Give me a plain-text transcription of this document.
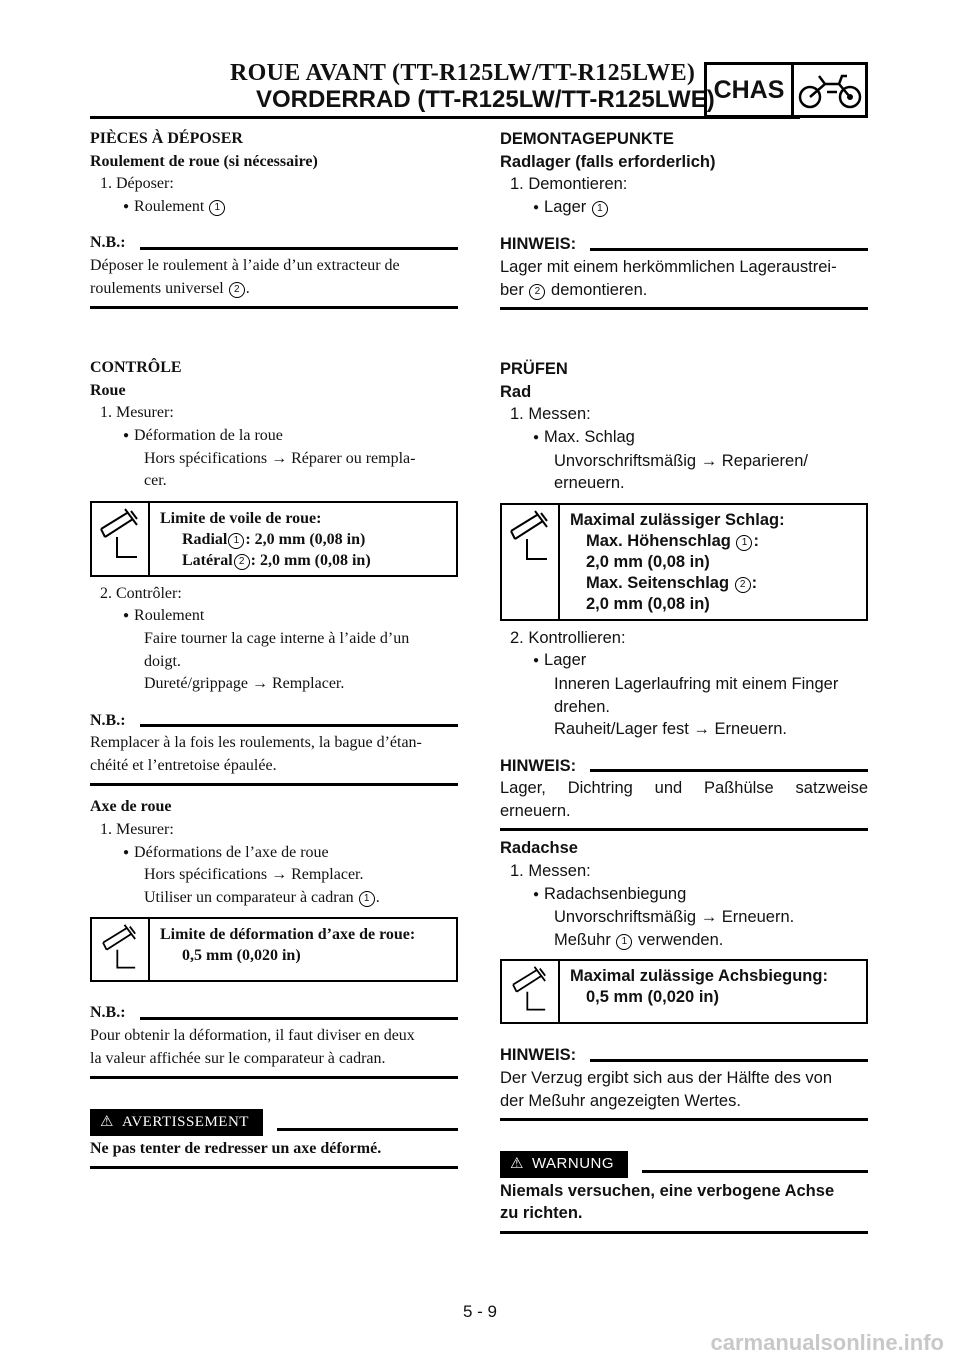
ROUE AVANT (TT-R125LW/TT-R125LWE)
VORDERRAD (TT-R125LW/TT-R125LWE)
CHAS
PIÈCES À DÉPOSER
Roulement de roue (si nécessaire)
1. Déposer:
● Roulement 1
N.B.:
Déposer le roulement à l’aide d’un extracteur de
roulements universel 2 .
CONTRÔLE
Roue
1. Mesurer:
● Déformation de la roue
Hors spécifications → Réparer ou rempla-
cer.
Limite de voile de roue:
Radial 1 : 2,0 mm (0,08 in)
Latéral 2 : 2,0 mm (0,08 in)
2. Contrôler:
● Roulement
Faire tourner la cage interne à l’aide d’un
doigt.
Dureté/grippage → Remplacer.
N.B.:
Remplacer à la fois les roulements, la bague d’étan-
chéité et l’entretoise épaulée.
Axe de roue
1. Mesurer:
● Déformations de l’axe de roue
Hors spécifications → Remplacer.
Utiliser un comparateur à cadran 1 .
Limite de déformation d’axe de roue:
0,5 mm (0,020 in)
N.B.:
Pour obtenir la déformation, il faut diviser en deux
la valeur affichée sur le comparateur à cadran.
⚠ AVERTISSEMENT
Ne pas tenter de redresser un axe déformé.
DEMONTAGEPUNKTE
Radlager (falls erforderlich)
1. Demontieren:
● Lager 1
HINWEIS:
Lager mit einem herkömmlichen Lageraustrei-
ber 2 demontieren.
PRÜFEN
Rad
1. Messen:
● Max. Schlag
Unvorschriftsmäßig → Reparieren/
erneuern.
Maximal zulässiger Schlag:
Max. Höhenschlag 1 :
2,0 mm (0,08 in)
Max. Seitenschlag 2 :
2,0 mm (0,08 in)
2. Kontrollieren:
● Lager
Inneren Lagerlaufring mit einem Finger
drehen.
Rauheit/Lager fest → Erneuern.
HINWEIS:
Lager, Dichtring und Paßhülse satzweise
erneuern.
Radachse
1. Messen:
● Radachsenbiegung
Unvorschriftsmäßig → Erneuern.
Meßuhr 1 verwenden.
Maximal zulässige Achsbiegung:
0,5 mm (0,020 in)
HINWEIS:
Der Verzug ergibt sich aus der Hälfte des von
der Meßuhr angezeigten Wertes.
⚠ WARNUNG
Niemals versuchen, eine verbogene Achse
zu richten.
5 - 9
carmanualsonline.info
